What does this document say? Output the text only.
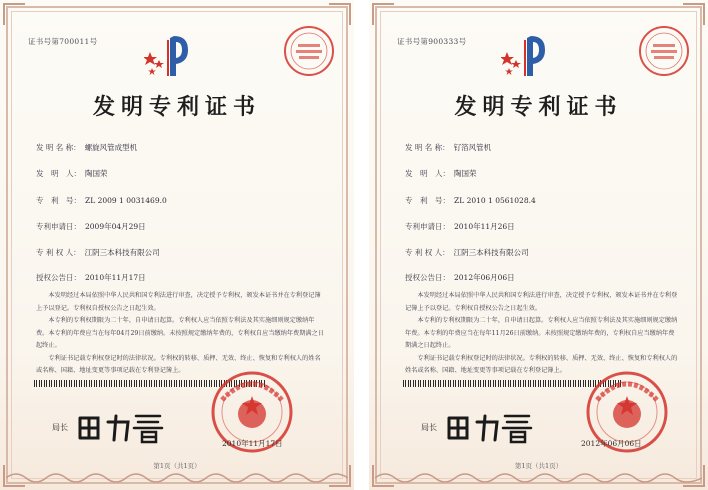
证书号第700011号
发明专利证书
发 明 名 称： 螺旋风管成型机
发　明　人： 陶国荣
专　利　号： ZL 2009 1 0031469.0
专利申请日： 2009年04月29日
专 利 权 人： 江阴三本科技有限公司
授权公告日： 2010年11月17日

本发明经过本局依照中华人民共和国专利法进行审查，决定授予专利权，颁发本证书并在专利登记簿上予以登记。专利权自授权公告之日起生效。

本专利的专利权期限为二十年，自申请日起算。专利权人应当依照专利法及其实施细则规定缴纳年费。本专利的年费应当在每年04月29日前缴纳。未按照规定缴纳年费的，专利权自应当缴纳年费期满之日起终止。

专利证书记载专利权登记时的法律状况。专利权的转移、质押、无效、终止、恢复和专利权人的姓名或名称、国籍、地址变更等事项记载在专利登记簿上。

局长
2010年11月17日
第1页（共1页）
证书号第900333号
发明专利证书
发 明 名 称： 钌箔风管机
发　明　人： 陶国荣
专　利　号： ZL 2010 1 0561028.4
专利申请日： 2010年11月26日
专 利 权 人： 江阴三本科技有限公司
授权公告日： 2012年06月06日

本发明经过本局依照中华人民共和国专利法进行审查，决定授予专利权，颁发本证书并在专利登记簿上予以登记。专利权自授权公告之日起生效。

本专利的专利权期限为二十年，自申请日起算。专利权人应当依照专利法及其实施细则规定缴纳年费。本专利的年费应当在每年11月26日前缴纳。未按照规定缴纳年费的，专利权自应当缴纳年费期满之日起终止。

专利证书记载专利权登记时的法律状况。专利权的转移、质押、无效、终止、恢复和专利权人的姓名或名称、国籍、地址变更等事项记载在专利登记簿上。

局长
2012年06月06日
第1页（共1页）
